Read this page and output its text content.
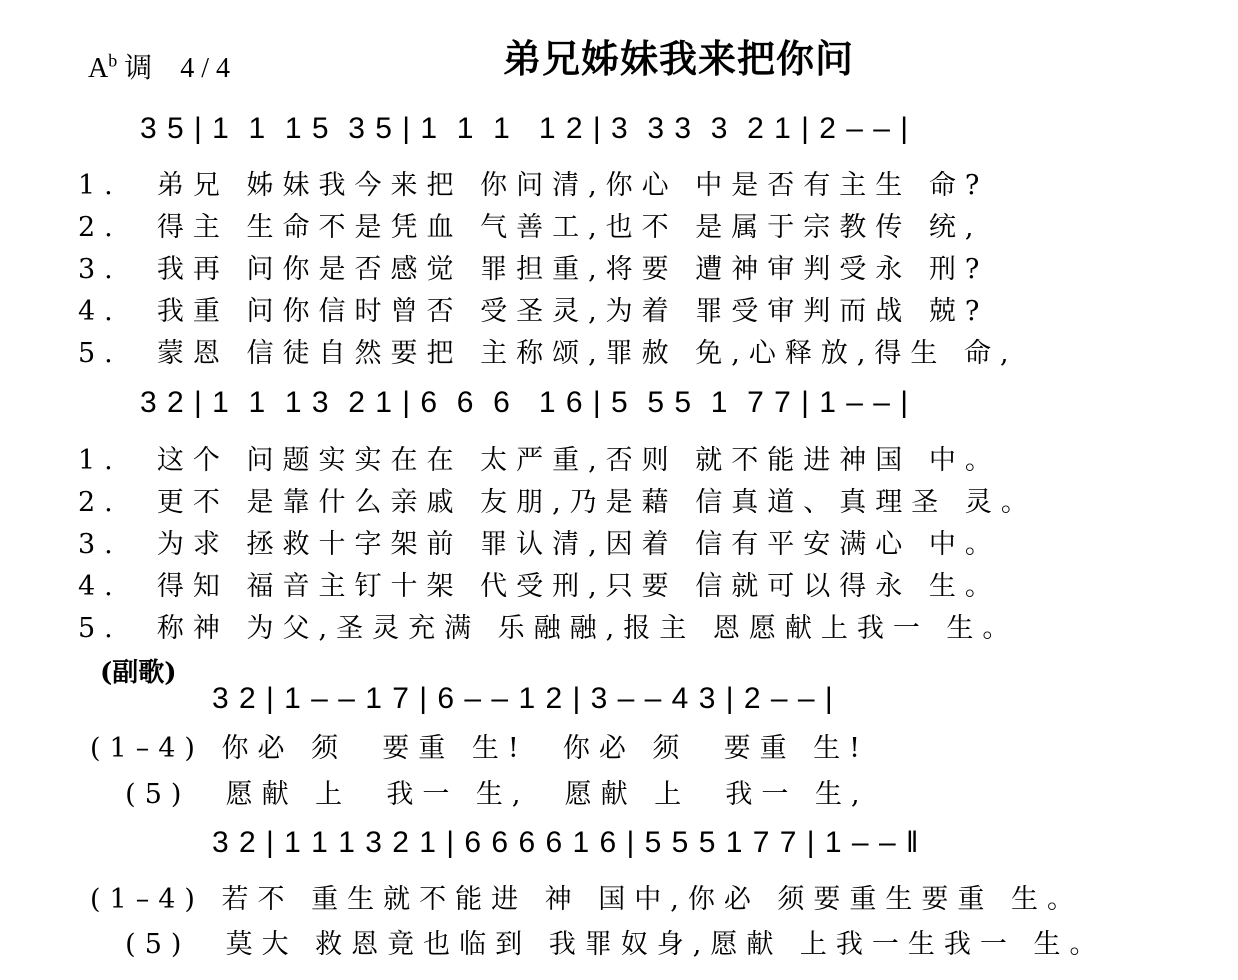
$A^b$ 调　4 / 4	弟兄姊妹我来把你问
3 5 | 1  1  1 5  3 5 | 1  1  1   1 2 | 3  3 3  3  2 1 | 2 – – |
1.  弟兄 姊妹我今来把 你问清,你心 中是否有主生 命?
2.  得主 生命不是凭血 气善工,也不 是属于宗教传 统,
3.  我再 问你是否感觉 罪担重,将要 遭神审判受永 刑?
4.  我重 问你信时曾否 受圣灵,为着 罪受审判而战 兢?
5.  蒙恩 信徒自然要把 主称颂,罪赦 免,心释放,得生 命,
3 2 | 1  1  1 3  2 1 | 6  6  6   1 6 | 5  5 5  1  7 7 | 1 – – |
1.  这个 问题实实在在 太严重,否则 就不能进神国 中。
2.  更不 是靠什么亲戚 友朋,乃是藉 信真道、真理圣 灵。
3.  为求 拯救十字架前 罪认清,因着 信有平安满心 中。
4.  得知 福音主钉十架 代受刑,只要 信就可以得永 生。
5.  称神 为父,圣灵充满 乐融融,报主 恩愿献上我一 生。
(副歌)
3 2 | 1 – – 1 7 | 6 – – 1 2 | 3 – – 4 3 | 2 – – |
(1–4) 你必 须  要重 生!  你必 须  要重 生!
(5)  愿献 上  我一 生,  愿献 上  我一 生,
3 2 | 1 1 1 3 2 1 | 6 6 6 6 1 6 | 5 5 5 1 7 7 | 1 – – ‖
(1–4) 若不 重生就不能进 神 国中,你必 须要重生要重 生。
(5)  莫大 救恩竟也临到 我罪奴身,愿献 上我一生我一 生。
